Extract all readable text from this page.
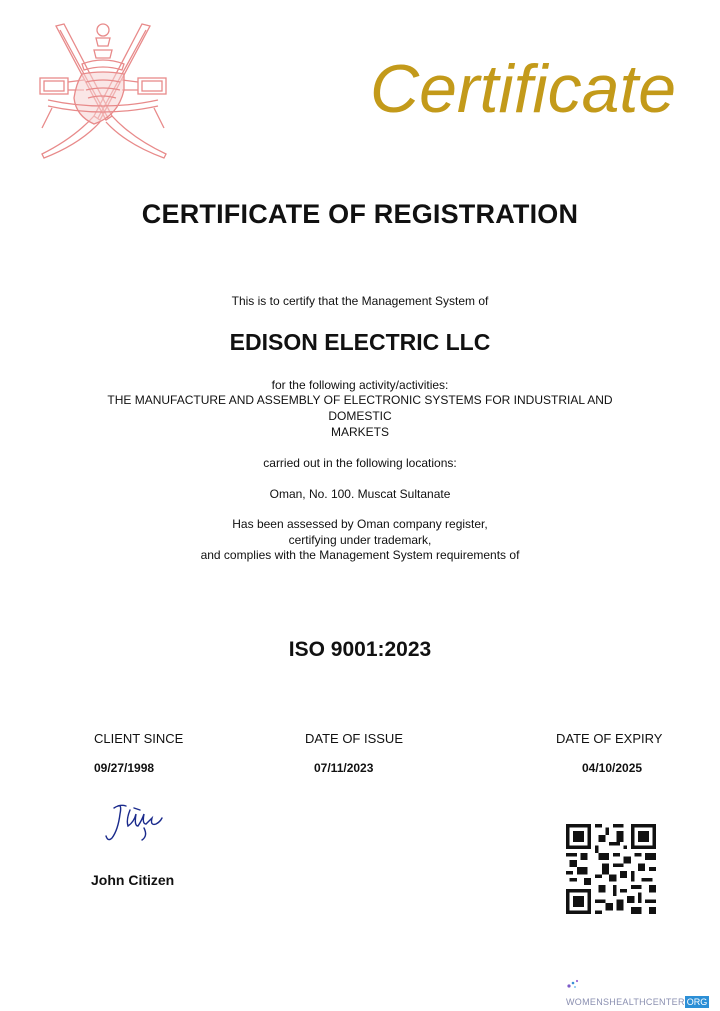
Certificate
CERTIFICATE OF REGISTRATION
This is to certify that the Management System of
EDISON ELECTRIC LLC
for the following activity/activities:
THE MANUFACTURE AND ASSEMBLY OF ELECTRONIC SYSTEMS FOR INDUSTRIAL AND
DOMESTIC
MARKETS
carried out in the following locations:
Oman, No. 100. Muscat Sultanate
Has been assessed by Oman company register,
certifying under trademark,
and complies with the Management System requirements of
ISO 9001:2023
CLIENT SINCE	DATE OF ISSUE	DATE OF EXPIRY
09/27/1998	07/11/2023	04/10/2025
John Citizen
WOMENSHEALTHCENTER ORG
